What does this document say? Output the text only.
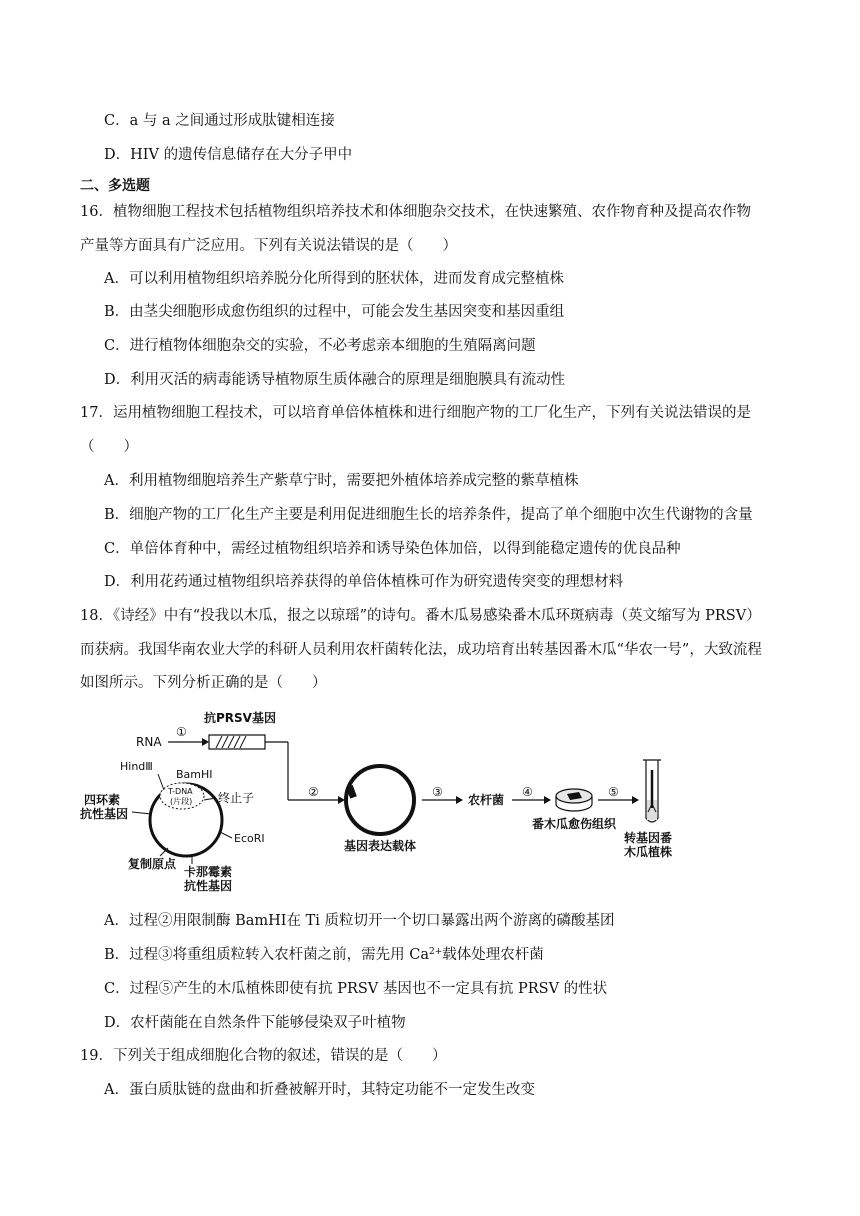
C．a 与 a 之间通过形成肽键相连接
D．HIV 的遗传信息储存在大分子甲中
二、多选题
16．植物细胞工程技术包括植物组织培养技术和体细胞杂交技术，在快速繁殖、农作物育种及提高农作物
产量等方面具有广泛应用。下列有关说法错误的是（　　）
A．可以利用植物组织培养脱分化所得到的胚状体，进而发育成完整植株
B．由茎尖细胞形成愈伤组织的过程中，可能会发生基因突变和基因重组
C．进行植物体细胞杂交的实验，不必考虑亲本细胞的生殖隔离问题
D．利用灭活的病毒能诱导植物原生质体融合的原理是细胞膜具有流动性
17．运用植物细胞工程技术，可以培育单倍体植株和进行细胞产物的工厂化生产，下列有关说法错误的是
（　　）
A．利用植物细胞培养生产紫草宁时，需要把外植体培养成完整的紫草植株
B．细胞产物的工厂化生产主要是利用促进细胞生长的培养条件，提高了单个细胞中次生代谢物的含量
C．单倍体育种中，需经过植物组织培养和诱导染色体加倍，以得到能稳定遗传的优良品种
D．利用花药通过植物组织培养获得的单倍体植株可作为研究遗传突变的理想材料
18．《诗经》中有“投我以木瓜，报之以琼瑶”的诗句。番木瓜易感染番木瓜环斑病毒（英文缩写为 PRSV）
而获病。我国华南农业大学的科研人员利用农杆菌转化法，成功培育出转基因番木瓜“华农一号”，大致流程
如图所示。下列分析正确的是（　　）
RNA
①
抗PRSV基因
T-DNA
(片段)
BamHⅠ
HindⅢ
四环素
抗性基因
终止子
EcoRⅠ
复制原点
卡那霉素
抗性基因
②
基因表达载体
③
农杆菌
④
番木瓜愈伤组织
⑤
转基因番
木瓜植株
A．过程②用限制酶 BamHⅠ在 Ti 质粒切开一个切口暴露出两个游离的磷酸基团
B．过程③将重组质粒转入农杆菌之前，需先用 $Ca^{2+}$载体处理农杆菌
C．过程⑤产生的木瓜植株即使有抗 PRSV 基因也不一定具有抗 PRSV 的性状
D．农杆菌能在自然条件下能够侵染双子叶植物
19．下列关于组成细胞化合物的叙述，错误的是（　　）
A．蛋白质肽链的盘曲和折叠被解开时，其特定功能不一定发生改变
